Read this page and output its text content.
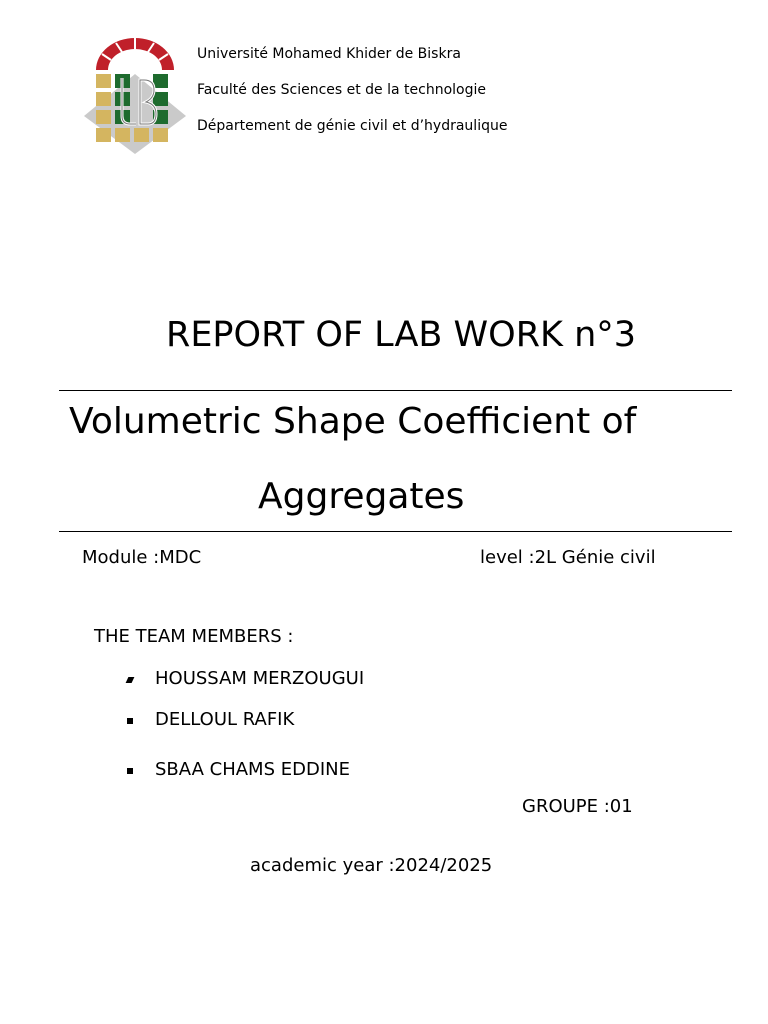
Université Mohamed Khider de Biskra
Faculté des Sciences et de la technologie
Département de génie civil et d’hydraulique
REPORT OF LAB WORK n°3
Volumetric Shape Coefficient of
Aggregates
Module :MDC	level :2L Génie civil
THE TEAM MEMBERS :
HOUSSAM MERZOUGUI
DELLOUL RAFIK
SBAA CHAMS EDDINE
GROUPE :01
academic year :2024/2025
